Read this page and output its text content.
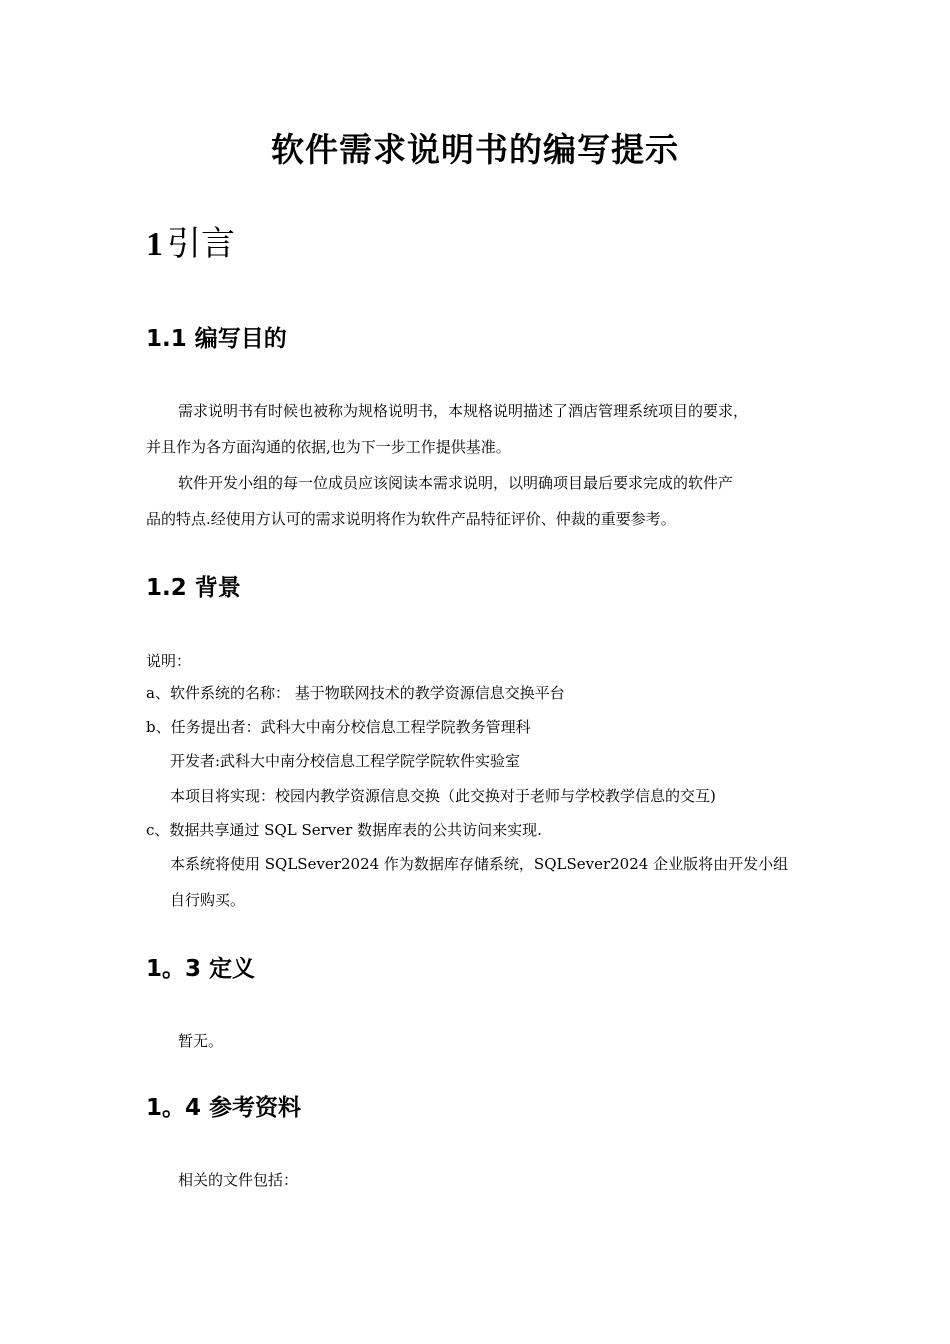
软件需求说明书的编写提示
1 引言
1.1 编写目的
需求说明书有时候也被称为规格说明书，本规格说明描述了酒店管理系统项目的要求，
并且作为各方面沟通的依据,也为下一步工作提供基准。
软件开发小组的每一位成员应该阅读本需求说明，以明确项目最后要求完成的软件产
品的特点.经使用方认可的需求说明将作为软件产品特征评价、仲裁的重要参考。
1.2 背景
说明：
a、软件系统的名称： 基于物联网技术的教学资源信息交换平台
b、任务提出者：武科大中南分校信息工程学院教务管理科
开发者:武科大中南分校信息工程学院学院软件实验室
本项目将实现：校园内教学资源信息交换（此交换对于老师与学校教学信息的交互)
c、数据共享通过 SQL Server 数据库表的公共访问来实现.
本系统将使用 SQLSever2024 作为数据库存储系统，SQLSever2024 企业版将由开发小组
自行购买。
1。3 定义
暂无。
1。4 参考资料
相关的文件包括：
